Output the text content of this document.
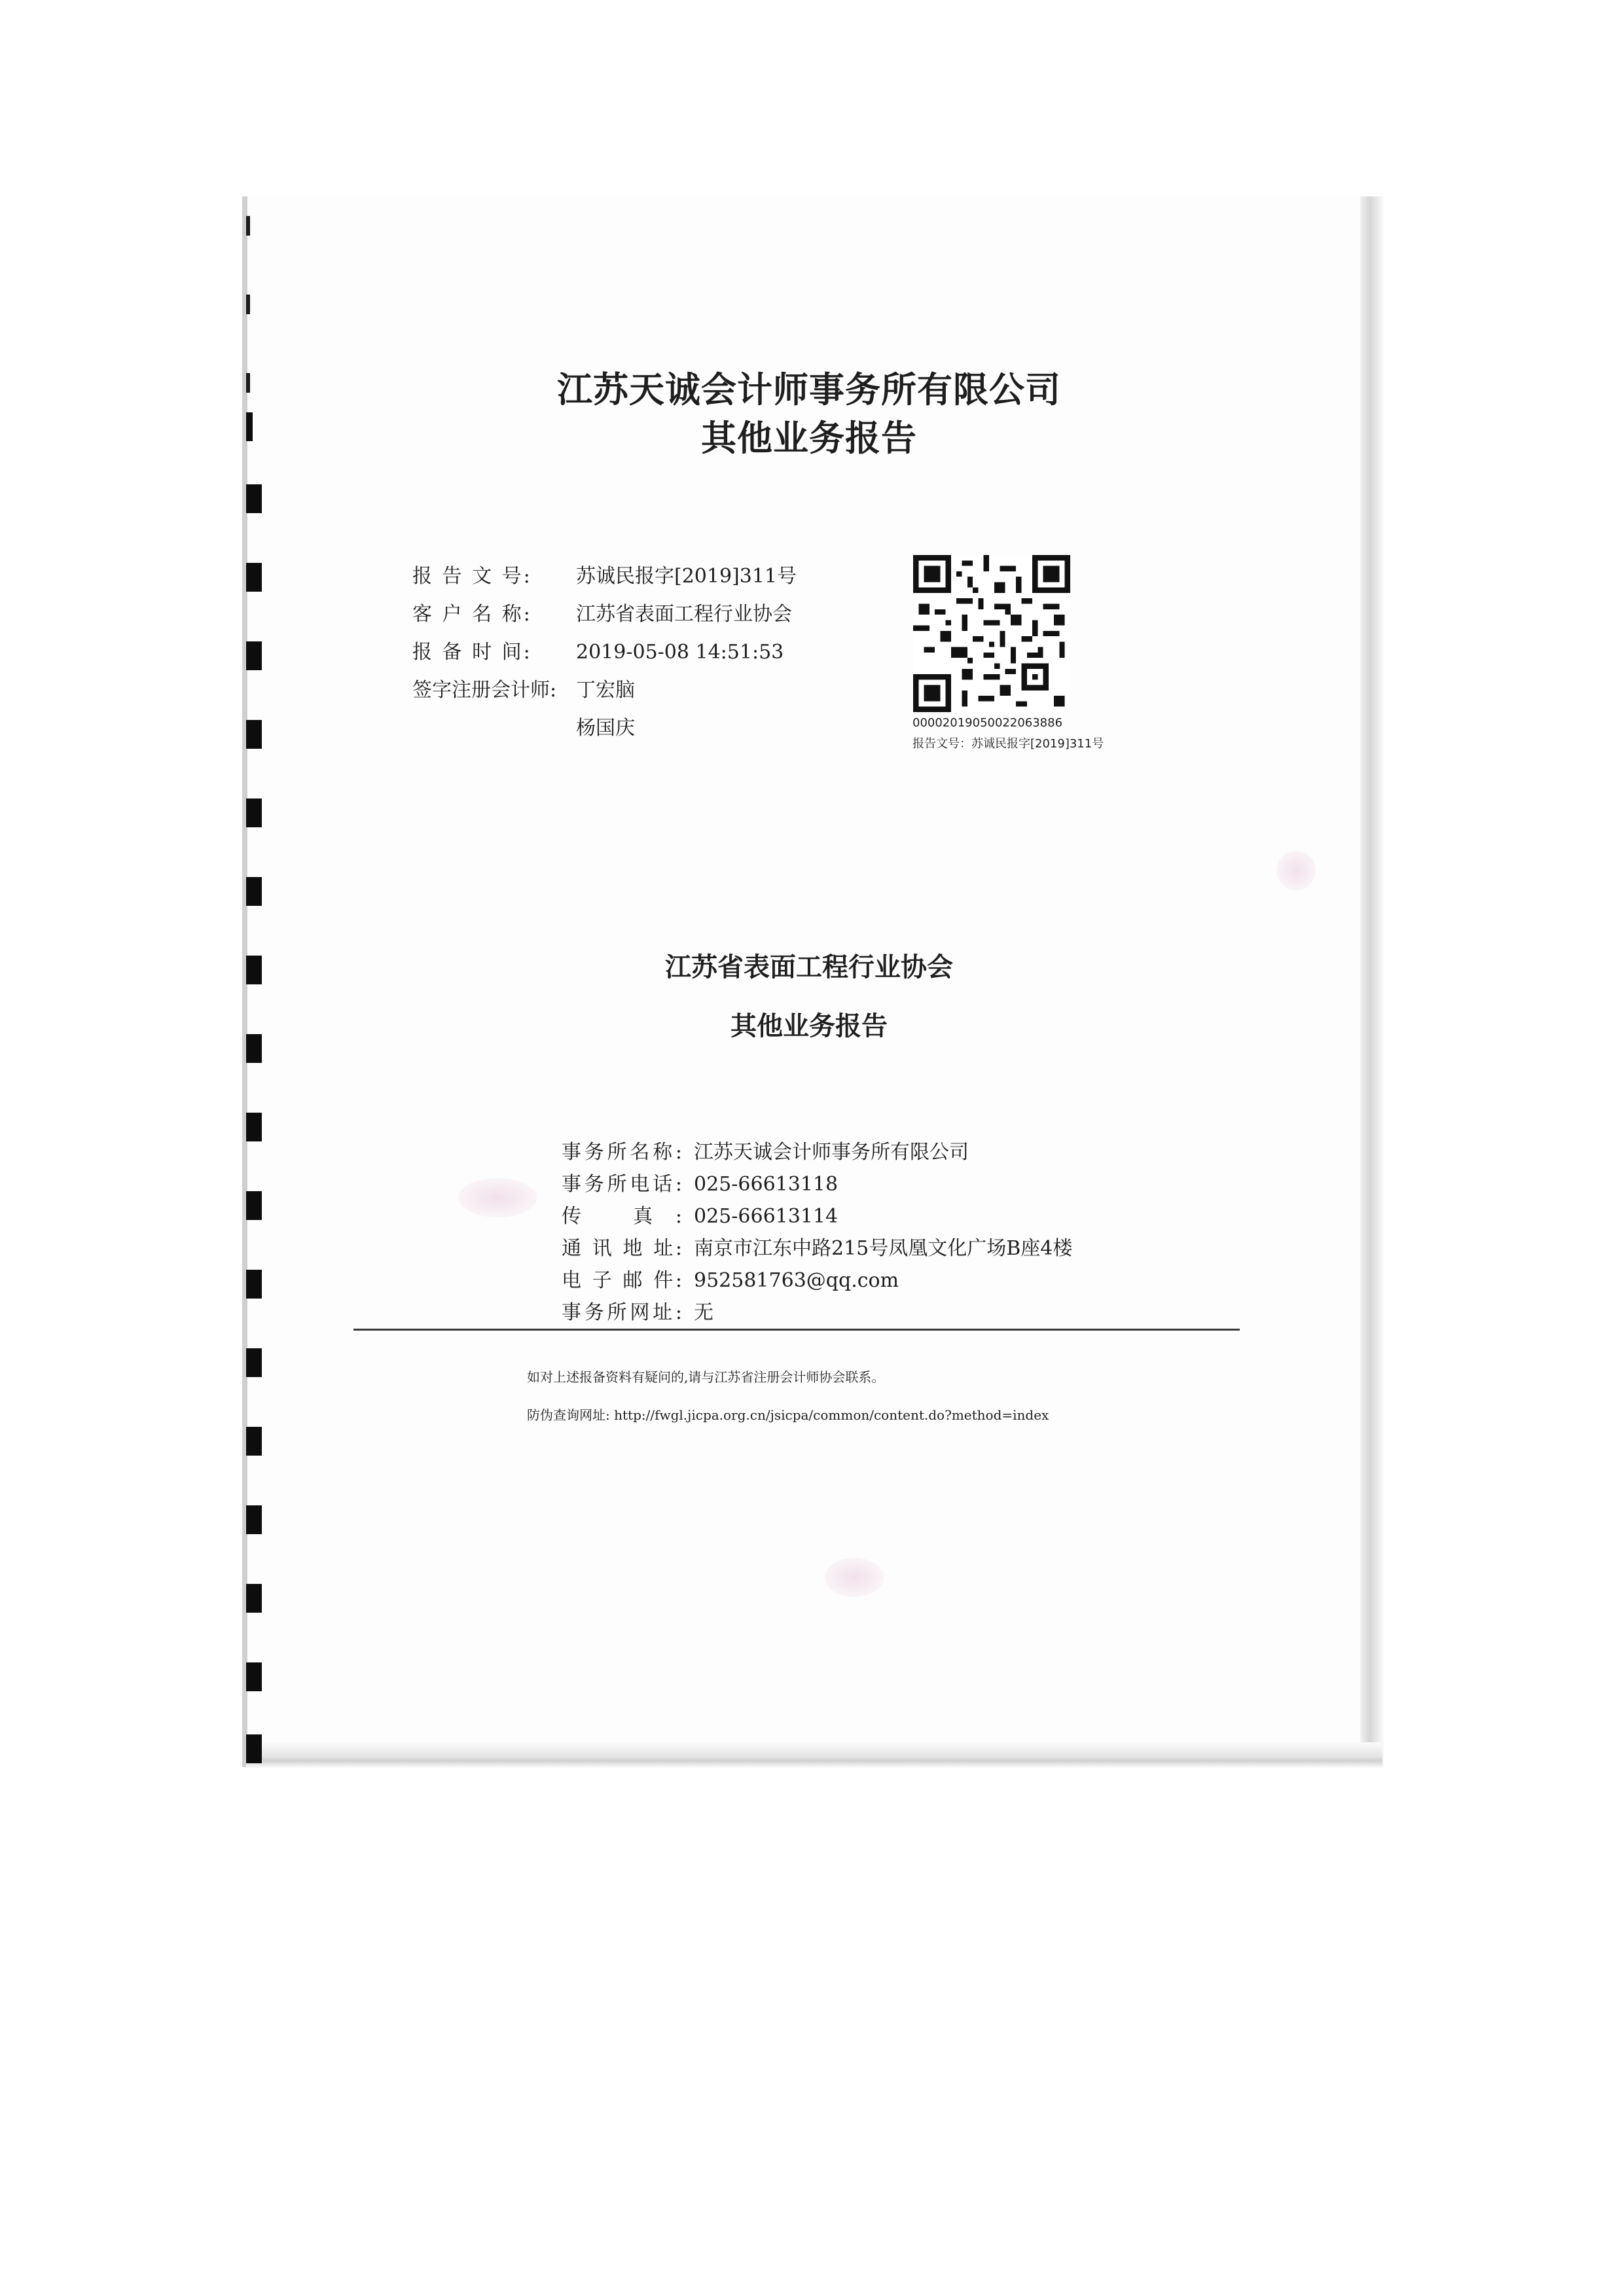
江苏天诚会计师事务所有限公司
其他业务报告
报 告 文 号: 苏诚民报字[2019]311号
客 户 名 称: 江苏省表面工程行业协会
报 备 时 间: 2019-05-08 14:51:53
签字注册会计师: 丁宏脑
杨国庆	00002019050022063886
报告文号：苏诚民报字[2019]311号
江苏省表面工程行业协会
其他业务报告
事务所名称: 江苏天诚会计师事务所有限公司
事务所电话: 025-66613118
传 真: 025-66613114
通 讯 地 址: 南京市江东中路215号凤凰文化广场B座4楼
电 子 邮 件: 952581763@qq.com
事务所网址: 无
如对上述报备资料有疑问的,请与江苏省注册会计师协会联系。
防伪查询网址: http://fwgl.jicpa.org.cn/jsicpa/common/content.do?method=index
